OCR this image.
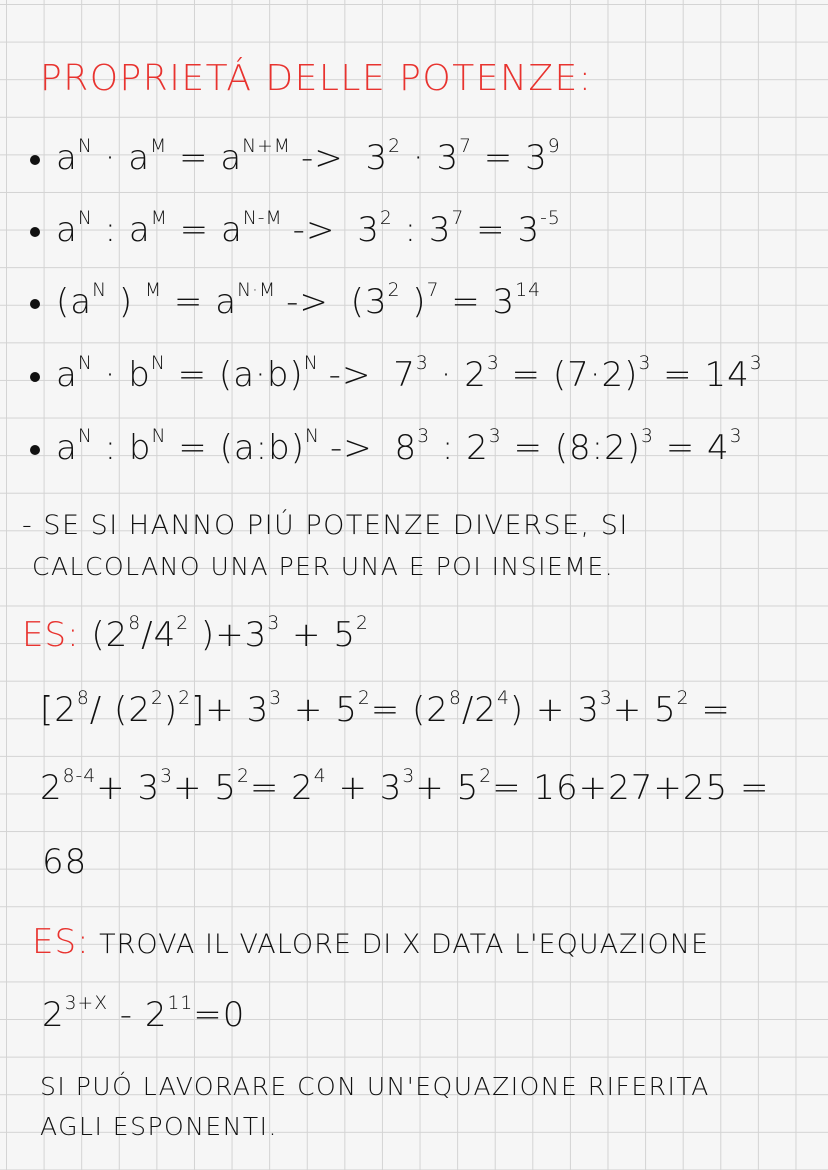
PROPRIETÁ DELLE POTENZE:
$a^N \cdot a^M = a^{N+M} -> 3^2 \cdot 3^7 = 3^9$
$a^N$ : $a^M = a^{N-M} -> 3^2$ : $3^7 = 3^{-5}$
($a^N$ ) $^M = a^{N\cdot M} -> (3^2$ )$^7 = 3^{14}$
$a^N \cdot b^N = (a\cdot b)^N -> 7^3 \cdot 2^3 = (7\cdot 2)^3 = 14^3$
$a^N$ : $b^N$ = (a:b)$^N$ -> $8^3$ : $2^3$ = (8:2)$^3$ = $4^3$
- SE SI HANNO PIÚ POTENZE DIVERSE, SI
CALCOLANO UNA PER UNA E POI INSIEME.
ES: ($2^8/4^2$ )$+3^3 + 5^2$
[$2^8/$ $(2^2)^2]+ 3^3 + 5^2= (2^8/2^4) + 3^3+ 5^2$ =
$2^{8-4}+ 3^3+ 5^2= 2^4 + 3^3+ 5^2= 16+27+25$ =
68
ES: TROVA IL VALORE DI X DATA L'EQUAZIONE
$2^{3+X} - 2^{11}=0$
SI PUÓ LAVORARE CON UN'EQUAZIONE RIFERITA
AGLI ESPONENTI.
